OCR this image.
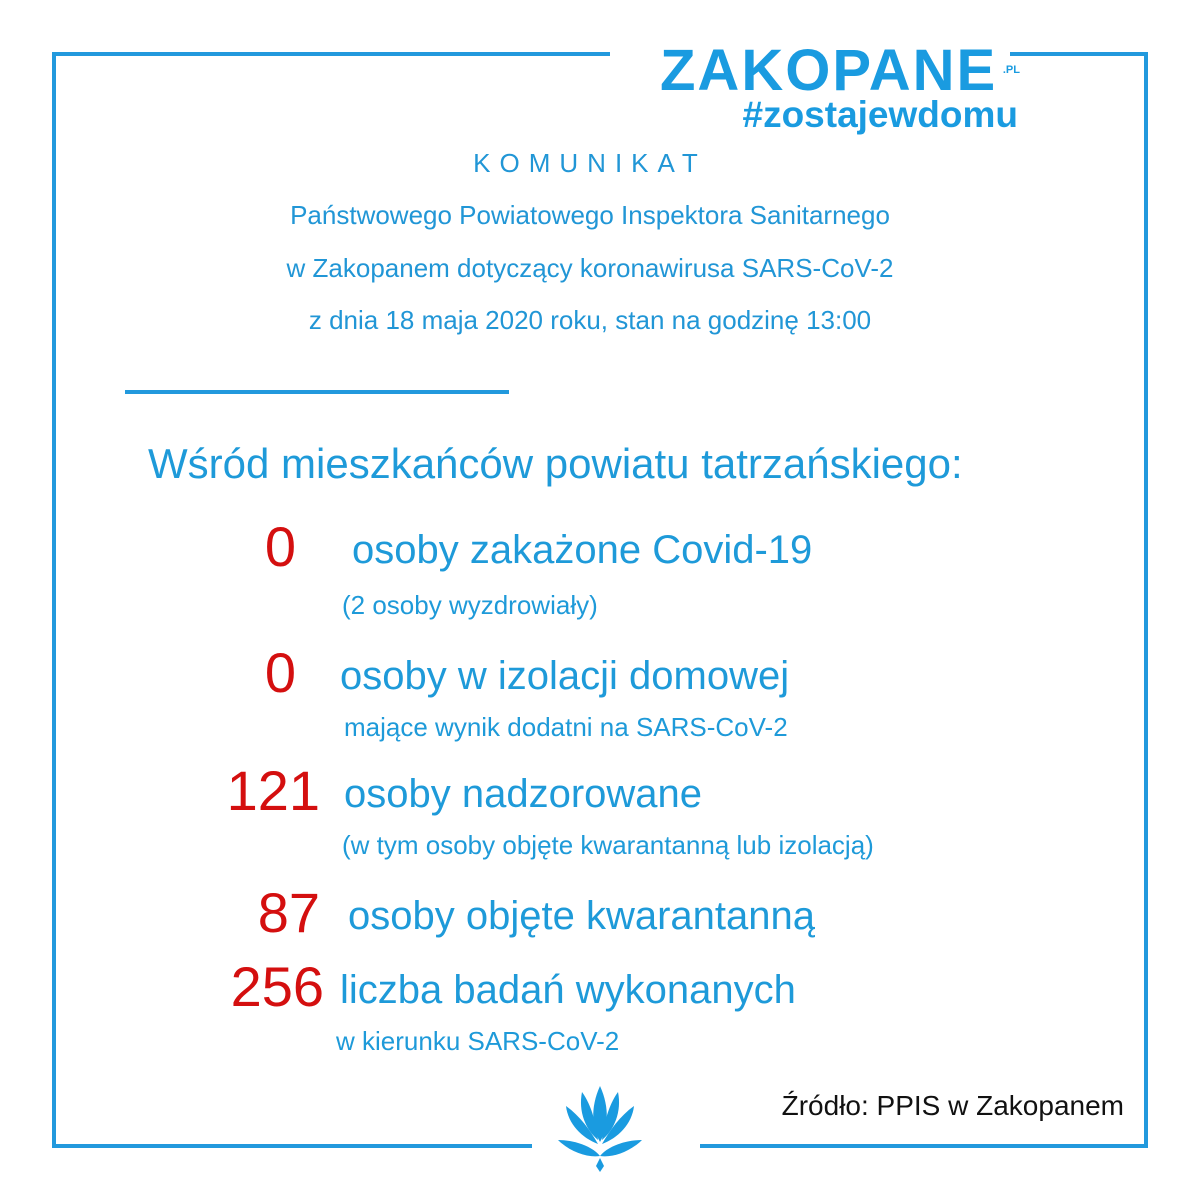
ZAKOPANE .PL
#zostajewdomu
KOMUNIKAT
Państwowego Powiatowego Inspektora Sanitarnego
w Zakopanem dotyczący koronawirusa SARS-CoV-2
z dnia 18 maja 2020 roku, stan na godzinę 13:00
Wśród mieszkańców powiatu tatrzańskiego:
0 osoby zakażone Covid-19
(2 osoby wyzdrowiały)
0 osoby w izolacji domowej
mające wynik dodatni na SARS-CoV-2
121 osoby nadzorowane
(w tym osoby objęte kwarantanną lub izolacją)
87 osoby objęte kwarantanną
256 liczba badań wykonanych
w kierunku SARS-CoV-2
Źródło: PPIS w Zakopanem
